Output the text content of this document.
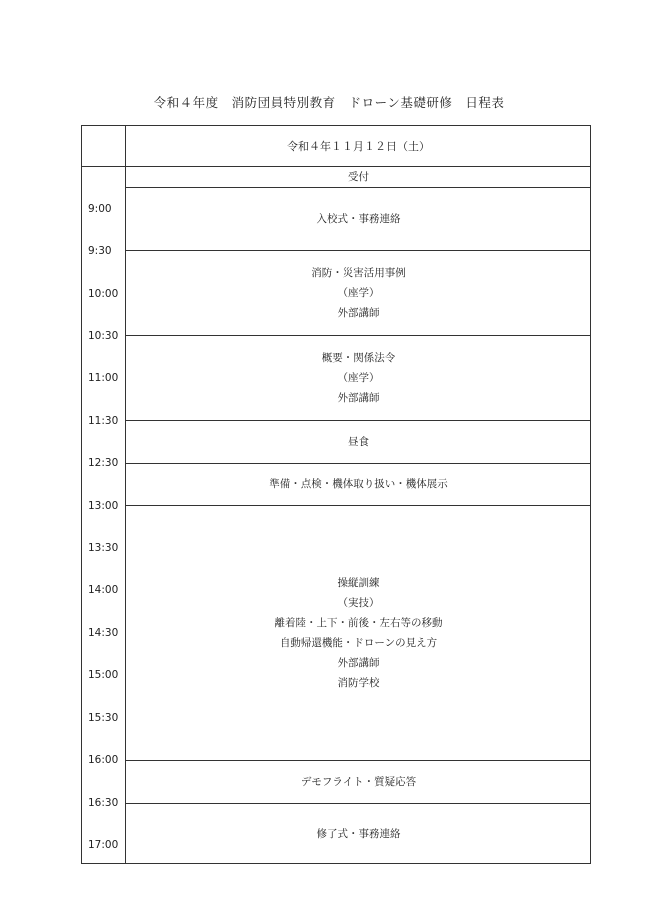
令和４年度　消防団員特別教育　ドローン基礎研修　日程表
令和４年１１月１２日（土）
9:00
9:30
10:00
10:30
11:00
11:30
12:30
13:00
13:30
14:00
14:30
15:00
15:30
16:00
16:30
17:00
受付
入校式・事務連絡
消防・災害活用事例
（座学）
外部講師
概要・関係法令
（座学）
外部講師
昼食
準備・点検・機体取り扱い・機体展示
操縦訓練
（実技）
離着陸・上下・前後・左右等の移動
自動帰還機能・ドローンの見え方
外部講師
消防学校
デモフライト・質疑応答
修了式・事務連絡
